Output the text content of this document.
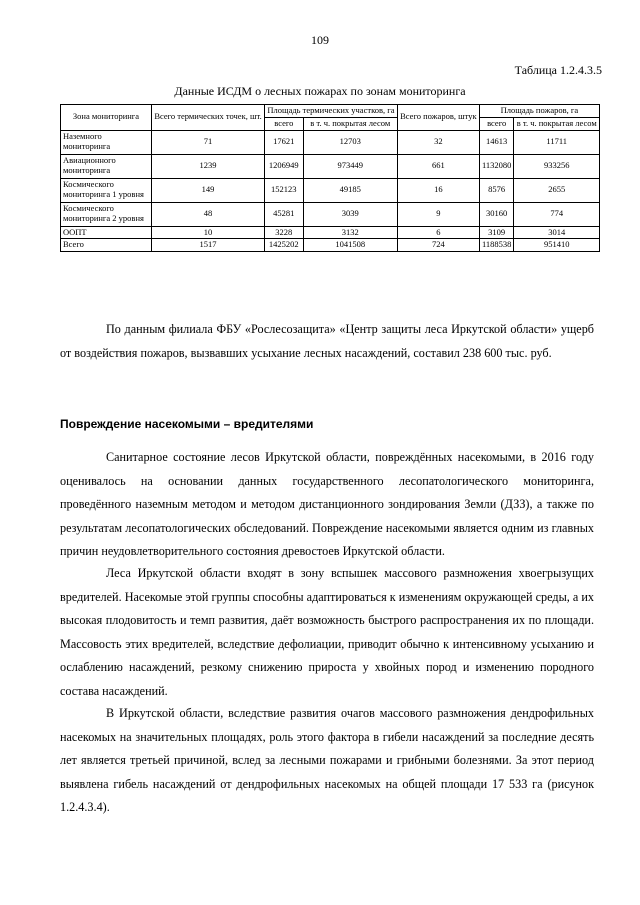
109
Таблица 1.2.4.3.5
Данные ИСДМ о лесных пожарах по зонам мониторинга
Зона мониторинга	Всего термических точек, шт.	Площадь термических участков, га		Всего пожаров, штук	Площадь пожаров, га	
		всего	в т. ч. покрытая лесом		всего	в т. ч. покрытая лесом
Наземного мониторинга	71	17621	12703	32	14613	11711
Авиационного мониторинга	1239	1206949	973449	661	1132080	933256
Космического мониторинга 1 уровня	149	152123	49185	16	8576	2655
Космического мониторинга 2 уровня	48	45281	3039	9	30160	774
ООПТ	10	3228	3132	6	3109	3014
Всего	1517	1425202	1041508	724	1188538	951410

По данным филиала ФБУ «Рослесозащита» «Центр защиты леса Иркутской области» ущерб от воздействия пожаров, вызвавших усыхание лесных насаждений, составил 238 600 тыс. руб.

Повреждение насекомыми – вредителями

Санитарное состояние лесов Иркутской области, повреждённых насекомыми, в 2016 году оценивалось на основании данных государственного лесопатологического мониторинга, проведённого наземным методом и методом дистанционного зондирования Земли (ДЗЗ), а также по результатам лесопатологических обследований. Повреждение насекомыми является одним из главных причин неудовлетворительного состояния древостоев Иркутской области.

Леса Иркутской области входят в зону вспышек массового размножения хвоегрызущих вредителей. Насекомые этой группы способны адаптироваться к изменениям окружающей среды, а их высокая плодовитость и темп развития, даёт возможность быстрого распространения их по площади. Массовость этих вредителей, вследствие дефолиации, приводит обычно к интенсивному усыханию и ослаблению насаждений, резкому снижению прироста у хвойных пород и изменению породного состава насаждений.

В Иркутской области, вследствие развития очагов массового размножения дендрофильных насекомых на значительных площадях, роль этого фактора в гибели насаждений за последние десять лет является третьей причиной, вслед за лесными пожарами и грибными болезнями. За этот период выявлена гибель насаждений от дендрофильных насекомых на общей площади 17 533 га (рисунок 1.2.4.3.4).
